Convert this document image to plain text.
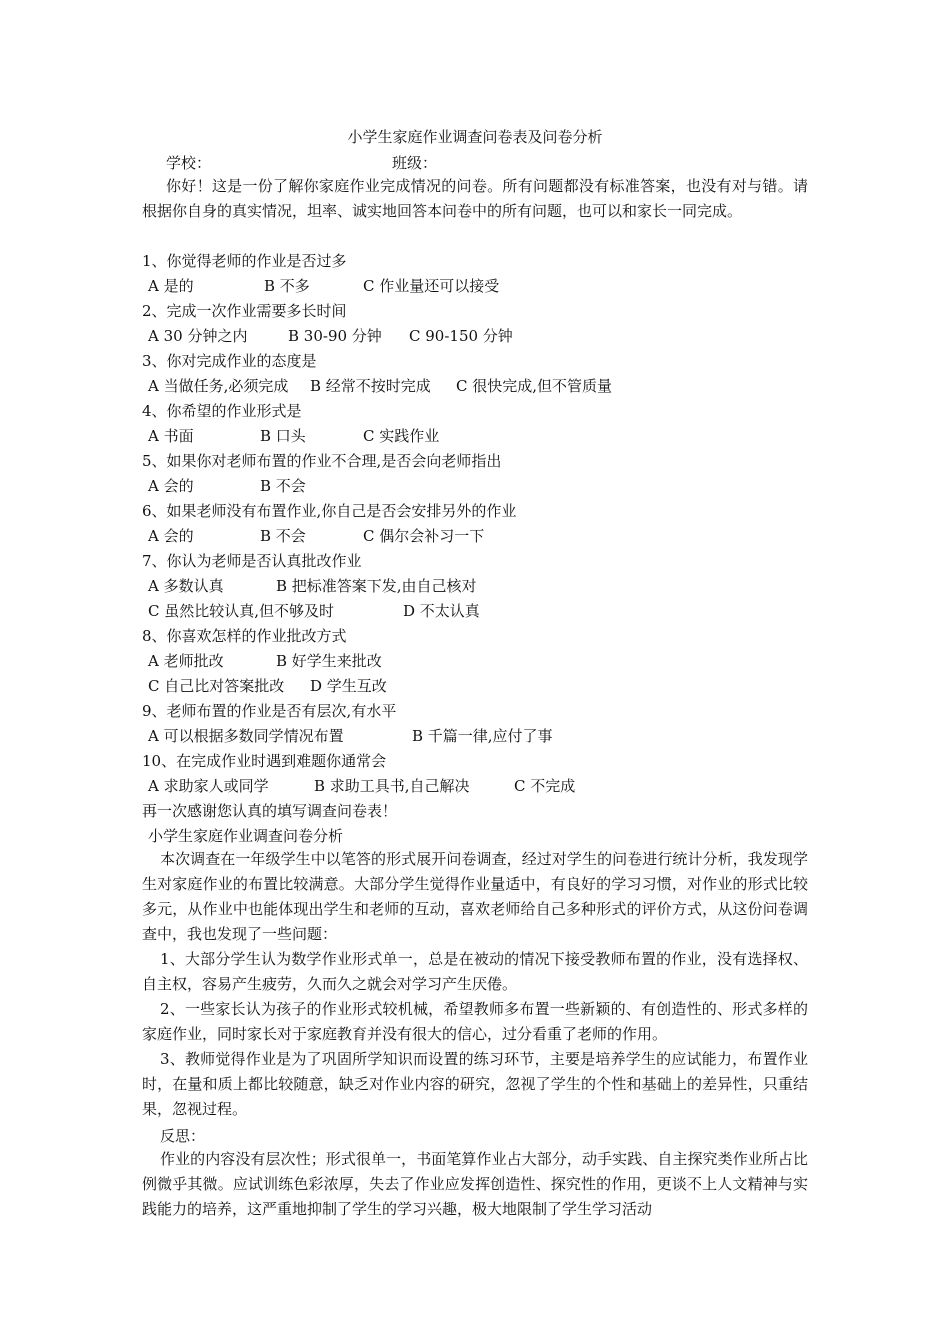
小学生家庭作业调查问卷表及问卷分析
学校：	班级：
你好！这是一份了解你家庭作业完成情况的问卷。所有问题都没有标准答案，也没有对与错。请根据你自身的真实情况，坦率、诚实地回答本问卷中的所有问题，也可以和家长一同完成。
1、你觉得老师的作业是否过多
A 是的	B 不多	C 作业量还可以接受
2、完成一次作业需要多长时间
A 30 分钟之内	B 30-90 分钟 C 90-150 分钟
3、你对完成作业的态度是
A 当做任务,必须完成 B 经常不按时完成 C 很快完成,但不管质量
4、你希望的作业形式是
A 书面	B 口头	C 实践作业
5、如果你对老师布置的作业不合理,是否会向老师指出
A 会的	B 不会
6、如果老师没有布置作业,你自己是否会安排另外的作业
A 会的	B 不会	C 偶尔会补习一下
7、你认为老师是否认真批改作业
A 多数认真	B 把标准答案下发,由自己核对
C 虽然比较认真,但不够及时	D 不太认真
8、你喜欢怎样的作业批改方式
A 老师批改	B 好学生来批改
C 自己比对答案批改 D 学生互改
9、老师布置的作业是否有层次,有水平
A 可以根据多数同学情况布置	B 千篇一律,应付了事
10、在完成作业时遇到难题你通常会
A 求助家人或同学	B 求助工具书,自己解决	C 不完成
再一次感谢您认真的填写调查问卷表！
小学生家庭作业调查问卷分析
本次调查在一年级学生中以笔答的形式展开问卷调查，经过对学生的问卷进行统计分析，我发现学生对家庭作业的布置比较满意。大部分学生觉得作业量适中，有良好的学习习惯，对作业的形式比较多元，从作业中也能体现出学生和老师的互动，喜欢老师给自己多种形式的评价方式，从这份问卷调查中，我也发现了一些问题：
1、大部分学生认为数学作业形式单一，总是在被动的情况下接受教师布置的作业，没有选择权、自主权，容易产生疲劳，久而久之就会对学习产生厌倦。
2、一些家长认为孩子的作业形式较机械，希望教师多布置一些新颖的、有创造性的、形式多样的家庭作业，同时家长对于家庭教育并没有很大的信心，过分看重了老师的作用。
3、教师觉得作业是为了巩固所学知识而设置的练习环节，主要是培养学生的应试能力，布置作业时，在量和质上都比较随意，缺乏对作业内容的研究，忽视了学生的个性和基础上的差异性，只重结果，忽视过程。
反思：
作业的内容没有层次性；形式很单一，书面笔算作业占大部分，动手实践、自主探究类作业所占比例微乎其微。应试训练色彩浓厚，失去了作业应发挥创造性、探究性的作用，更谈不上人文精神与实践能力的培养，这严重地抑制了学生的学习兴趣，极大地限制了学生学习活动
